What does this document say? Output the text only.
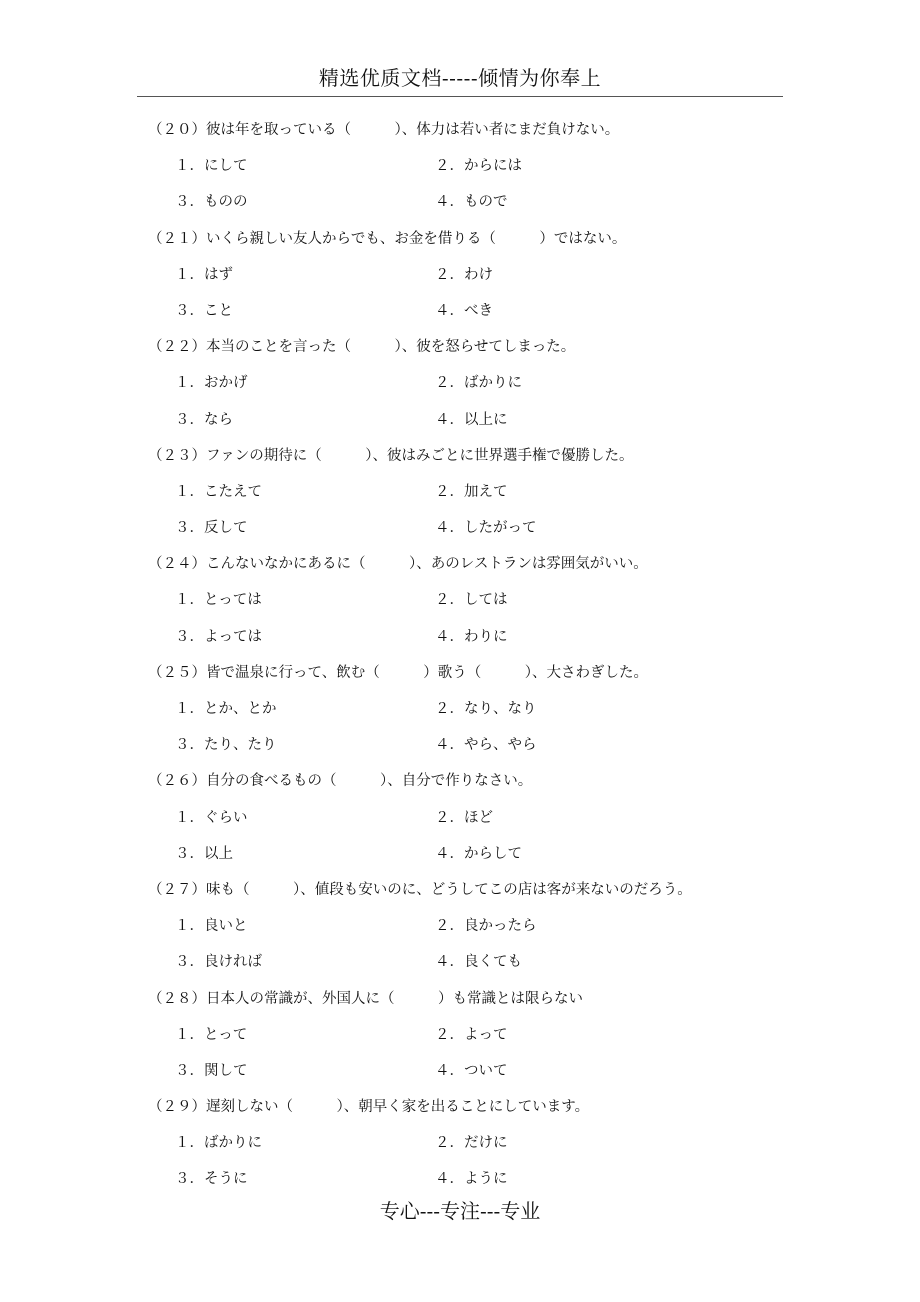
精选优质文档-----倾情为你奉上
（２０）彼は年を取っている（　　　）、体力は若い者にまだ負けない。
１．にして	２．からには
３．ものの	４．もので
（２１）いくら親しい友人からでも、お金を借りる（　　　）ではない。
１．はず	２．わけ
３．こと	４．べき
（２２）本当のことを言った（　　　）、彼を怒らせてしまった。
１．おかげ	２．ばかりに
３．なら	４．以上に
（２３）ファンの期待に（　　　）、彼はみごとに世界選手権で優勝した。
１．こたえて	２．加えて
３．反して	４．したがって
（２４）こんないなかにあるに（　　　）、あのレストランは雰囲気がいい。
１．とっては	２．しては
３．よっては	４．わりに
（２５）皆で温泉に行って、飲む（　　　）歌う（　　　）、大さわぎした。
１．とか、とか	２．なり、なり
３．たり、たり	４．やら、やら
（２６）自分の食べるもの（　　　）、自分で作りなさい。
１．ぐらい	２．ほど
３．以上	４．からして
（２７）味も（　　　）、値段も安いのに、どうしてこの店は客が来ないのだろう。
１．良いと	２．良かったら
３．良ければ	４．良くても
（２８）日本人の常識が、外国人に（　　　）も常識とは限らない
１．とって	２．よって
３．関して	４．ついて
（２９）遅刻しない（　　　）、朝早く家を出ることにしています。
１．ばかりに	２．だけに
３．そうに	４．ように
专心---专注---专业
